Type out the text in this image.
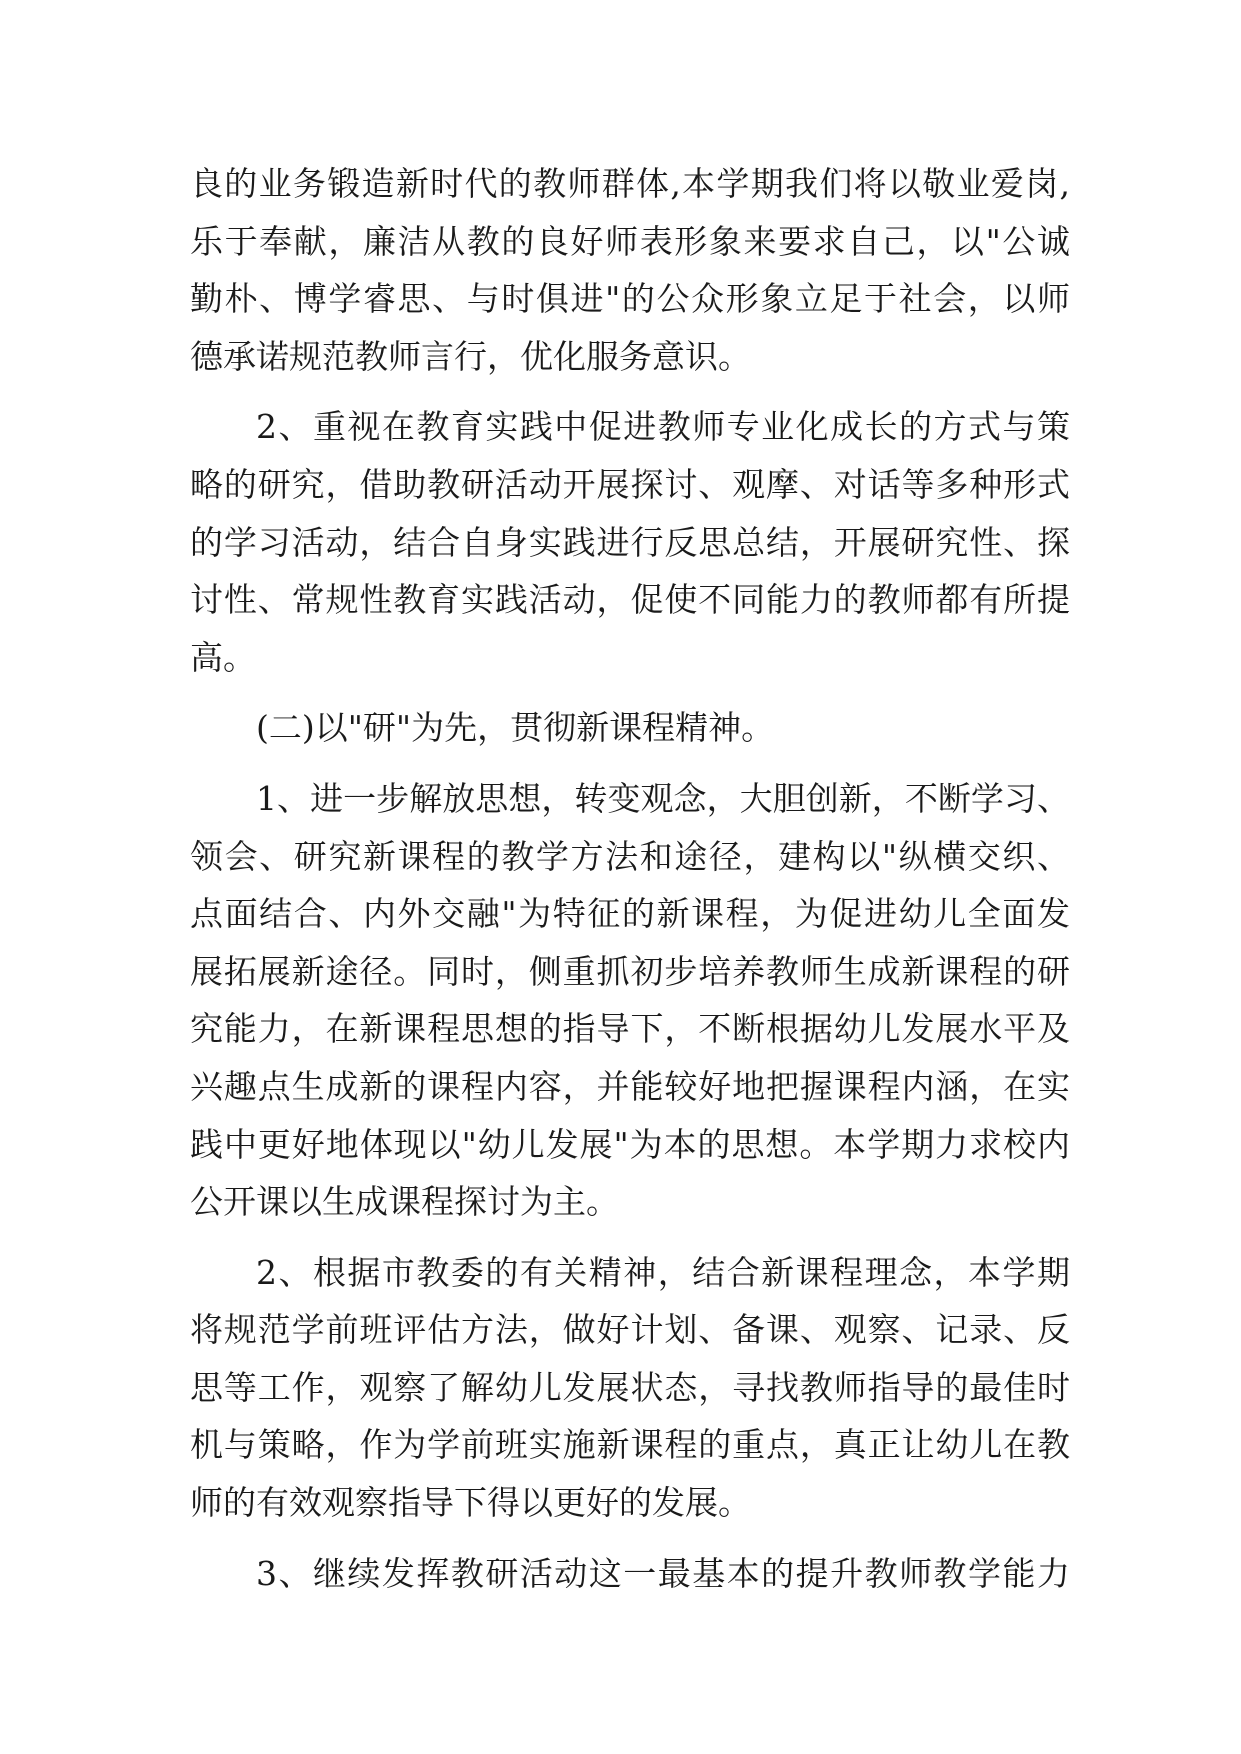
良的业务锻造新时代的教师群体,本学期我们将以敬业爱岗,
乐于奉献，廉洁从教的良好师表形象来要求自己，以"公诚
勤朴、博学睿思、与时俱进"的公众形象立足于社会，以师
德承诺规范教师言行，优化服务意识。
2、重视在教育实践中促进教师专业化成长的方式与策
略的研究，借助教研活动开展探讨、观摩、对话等多种形式
的学习活动，结合自身实践进行反思总结，开展研究性、探
讨性、常规性教育实践活动，促使不同能力的教师都有所提
高。
(二)以"研"为先，贯彻新课程精神。
1、进一步解放思想，转变观念，大胆创新，不断学习、
领会、研究新课程的教学方法和途径，建构以"纵横交织、
点面结合、内外交融"为特征的新课程，为促进幼儿全面发
展拓展新途径。同时，侧重抓初步培养教师生成新课程的研
究能力，在新课程思想的指导下，不断根据幼儿发展水平及
兴趣点生成新的课程内容，并能较好地把握课程内涵，在实
践中更好地体现以"幼儿发展"为本的思想。本学期力求校内
公开课以生成课程探讨为主。
2、根据市教委的有关精神，结合新课程理念，本学期
将规范学前班评估方法，做好计划、备课、观察、记录、反
思等工作，观察了解幼儿发展状态，寻找教师指导的最佳时
机与策略，作为学前班实施新课程的重点，真正让幼儿在教
师的有效观察指导下得以更好的发展。
3、继续发挥教研活动这一最基本的提升教师教学能力
